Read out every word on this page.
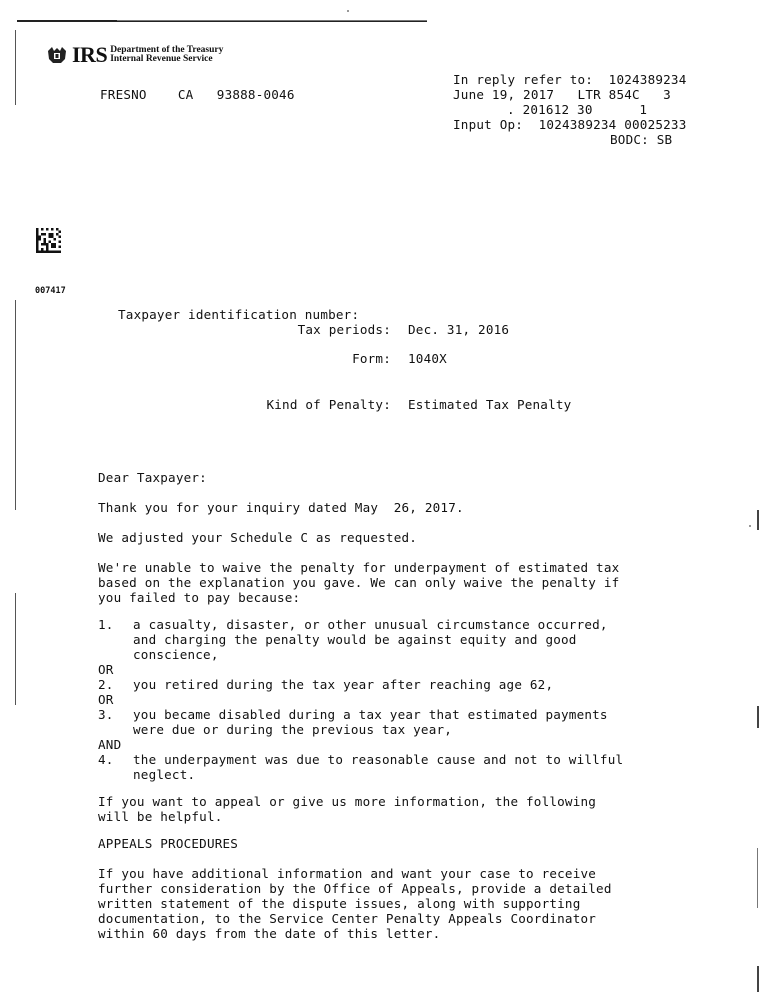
IRS Department of the Treasury
Internal Revenue Service
FRESNO CA 93888-0046
In reply refer to: 1024389234
June 19, 2017 LTR 854C 3
. 201612 30	1
Input Op: 1024389234 00025233
BODC: SB
007417
Taxpayer identification number:
Tax periods: Dec. 31, 2016
Form: 1040X
Kind of Penalty: Estimated Tax Penalty
Dear Taxpayer:
Thank you for your inquiry dated May  26, 2017.
We adjusted your Schedule C as requested.
We're unable to waive the penalty for underpayment of estimated tax
based on the explanation you gave. We can only waive the penalty if
you failed to pay because:
1.	a casualty, disaster, or other unusual circumstance occurred,
and charging the penalty would be against equity and good
conscience,
OR
2.	you retired during the tax year after reaching age 62,
OR
3.	you became disabled during a tax year that estimated payments
were due or during the previous tax year,
AND
4.	the underpayment was due to reasonable cause and not to willful
neglect.
If you want to appeal or give us more information, the following
will be helpful.
APPEALS PROCEDURES
If you have additional information and want your case to receive
further consideration by the Office of Appeals, provide a detailed
written statement of the dispute issues, along with supporting
documentation, to the Service Center Penalty Appeals Coordinator
within 60 days from the date of this letter.
